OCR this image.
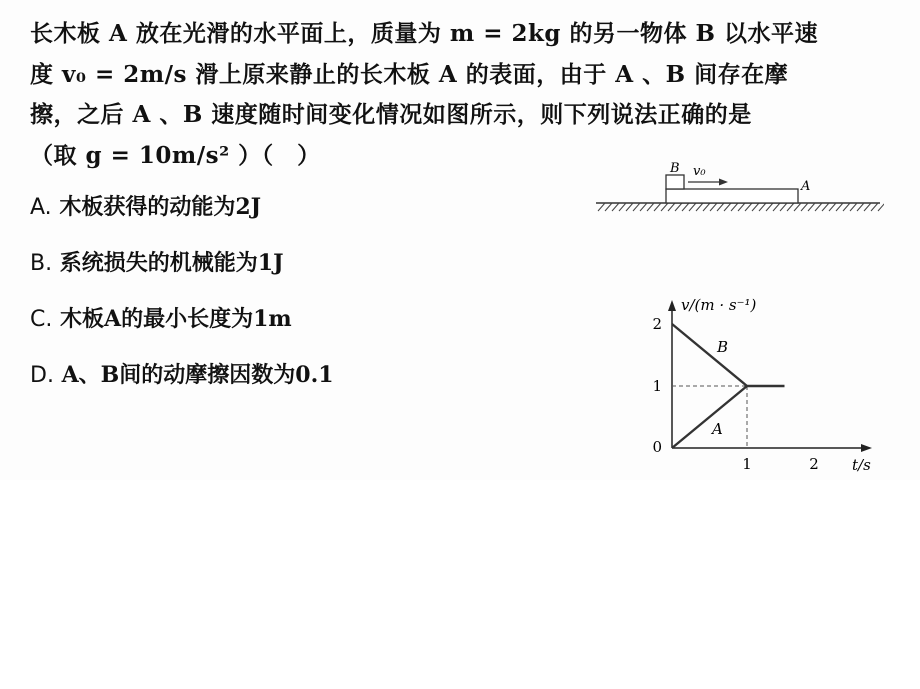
长木板 A 放在光滑的水平面上，质量为 m = 2kg 的另一物体 B 以水平速
度 v₀ = 2m/s 滑上原来静止的长木板 A 的表面，由于 A 、B 间存在摩
擦，之后 A 、B 速度随时间变化情况如图所示，则下列说法正确的是
（取 g = 10m/s² ）（　）
A. 木板获得的动能为2J
B. 系统损失的机械能为1J
C. 木板A的最小长度为1m
D. A、B间的动摩擦因数为0.1
B v₀
A
0
1
2
1	2 t/s
v/(m · s⁻¹)
B
A
